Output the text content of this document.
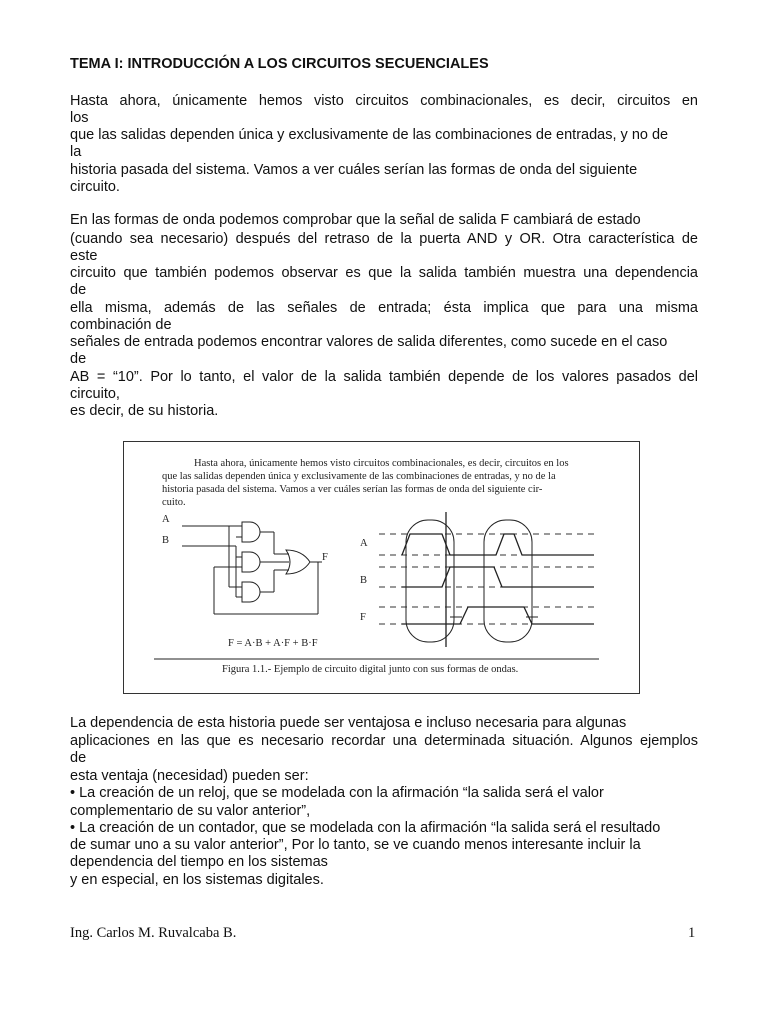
TEMA I: INTRODUCCIÓN A LOS CIRCUITOS SECUENCIALES
Hasta ahora, únicamente hemos visto circuitos combinacionales, es decir, circuitos en
los
que las salidas dependen única y exclusivamente de las combinaciones de entradas, y no de
la
historia pasada del sistema. Vamos a ver cuáles serían las formas de onda del siguiente
circuito.
En las formas de onda podemos comprobar que la señal de salida F cambiará de estado
(cuando sea necesario) después del retraso de la puerta AND y OR. Otra característica de
este
circuito que también podemos observar es que la salida también muestra una dependencia
de
ella misma, además de las señales de entrada; ésta implica que para una misma
combinación de
señales de entrada podemos encontrar valores de salida diferentes, como sucede en el caso
de
AB = “10”. Por lo tanto, el valor de la salida también depende de los valores pasados del
circuito,
es decir, de su historia.
Hasta ahora, únicamente hemos visto circuitos combinacionales, es decir, circuitos en los
que las salidas dependen única y exclusivamente de las combinaciones de entradas, y no de la
historia pasada del sistema. Vamos a ver cuáles serían las formas de onda del siguiente cir-
cuito.
A
B
F
A
B
F
F = A·B + A·F + B·F
Figura 1.1.- Ejemplo de circuito digital junto con sus formas de ondas.
La dependencia de esta historia puede ser ventajosa e incluso necesaria para algunas
aplicaciones en las que es necesario recordar una determinada situación. Algunos ejemplos
de
esta ventaja (necesidad) pueden ser:
• La creación de un reloj, que se modelada con la afirmación “la salida será el valor
complementario de su valor anterior”,
• La creación de un contador, que se modelada con la afirmación “la salida será el resultado
de sumar uno a su valor anterior”, Por lo tanto, se ve cuando menos interesante incluir la
dependencia del tiempo en los sistemas
y en especial, en los sistemas digitales.
Ing. Carlos M. Ruvalcaba B.	1
